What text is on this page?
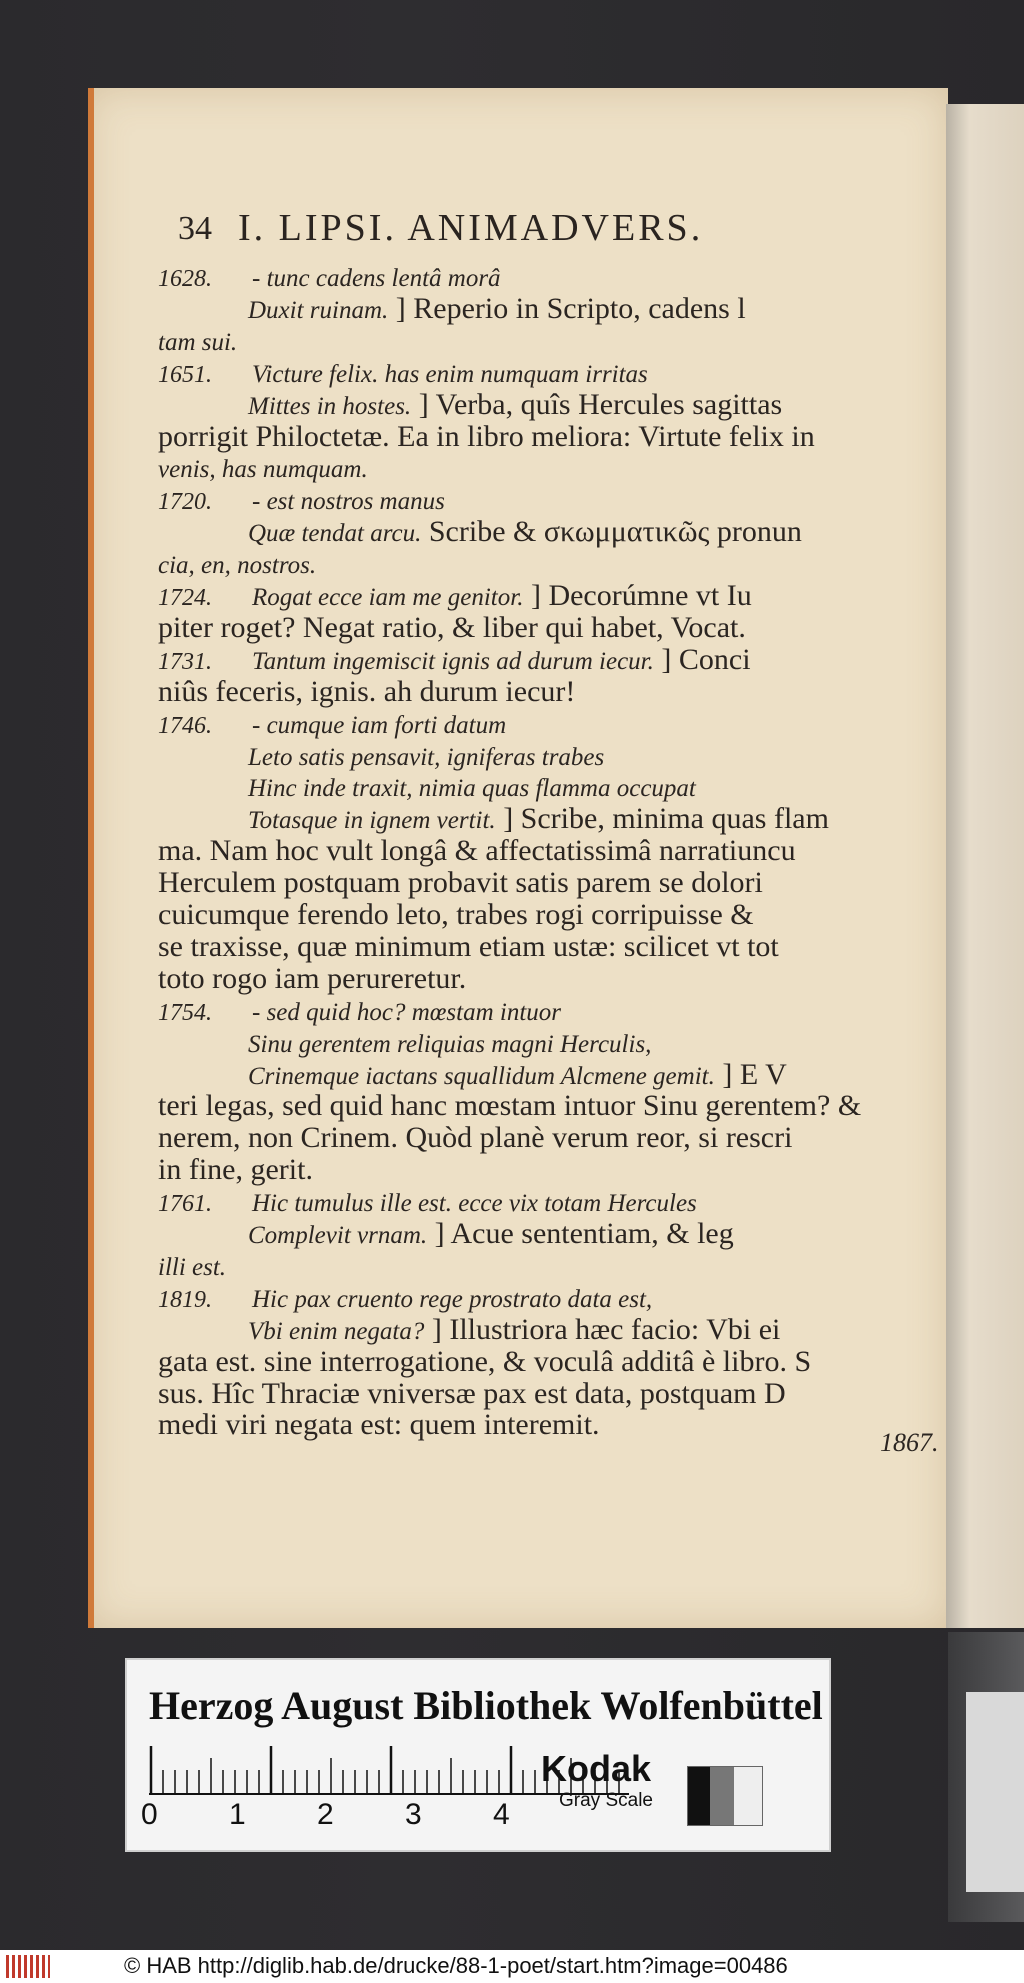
34 I. LIPSI. ANIMADVERS.
1628. - tunc cadens lentâ morâ
Duxit ruinam. ] Reperio in Scripto, cadens l
tam sui.
1651. Victure felix. has enim numquam irritas
Mittes in hostes. ] Verba, quîs Hercules sagittas
porrigit Philoctetæ. Ea in libro meliora: Virtute felix in
venis, has numquam.
1720. - est nostros manus
Quæ tendat arcu. Scribe & σκωμματικῶς pronun
cia, en, nostros.
1724. Rogat ecce iam me genitor. ] Decorúmne vt Iu
piter roget? Negat ratio, & liber qui habet, Vocat.
1731. Tantum ingemiscit ignis ad durum iecur. ] Conci
niûs feceris, ignis. ah durum iecur!
1746. - cumque iam forti datum
Leto satis pensavit, igniferas trabes
Hinc inde traxit, nimia quas flamma occupat
Totasque in ignem vertit. ] Scribe, minima quas flam
ma. Nam hoc vult longâ & affectatissimâ narratiuncu
Herculem postquam probavit satis parem se dolori
cuicumque ferendo leto, trabes rogi corripuisse &
se traxisse, quæ minimum etiam ustæ: scilicet vt tot
toto rogo iam perureretur.
1754. - sed quid hoc? mœstam intuor
Sinu gerentem reliquias magni Herculis,
Crinemque iactans squallidum Alcmene gemit. ] E V
teri legas, sed quid hanc mœstam intuor Sinu gerentem? &
nerem, non Crinem. Quòd planè verum reor, si rescri
in fine, gerit.
1761. Hic tumulus ille est. ecce vix totam Hercules
Complevit vrnam. ] Acue sententiam, & leg
illi est.
1819. Hic pax cruento rege prostrato data est,
Vbi enim negata? ] Illustriora hæc facio: Vbi ei
gata est. sine interrogatione, & voculâ additâ è libro. S
sus. Hîc Thraciæ vniversæ pax est data, postquam D
medi viri negata est: quem interemit.
1867.
Herzog August Bibliothek Wolfenbüttel
0 1 2 3 4
Kodak
Gray Scale
© HAB http://diglib.hab.de/drucke/88-1-poet/start.htm?image=00486
